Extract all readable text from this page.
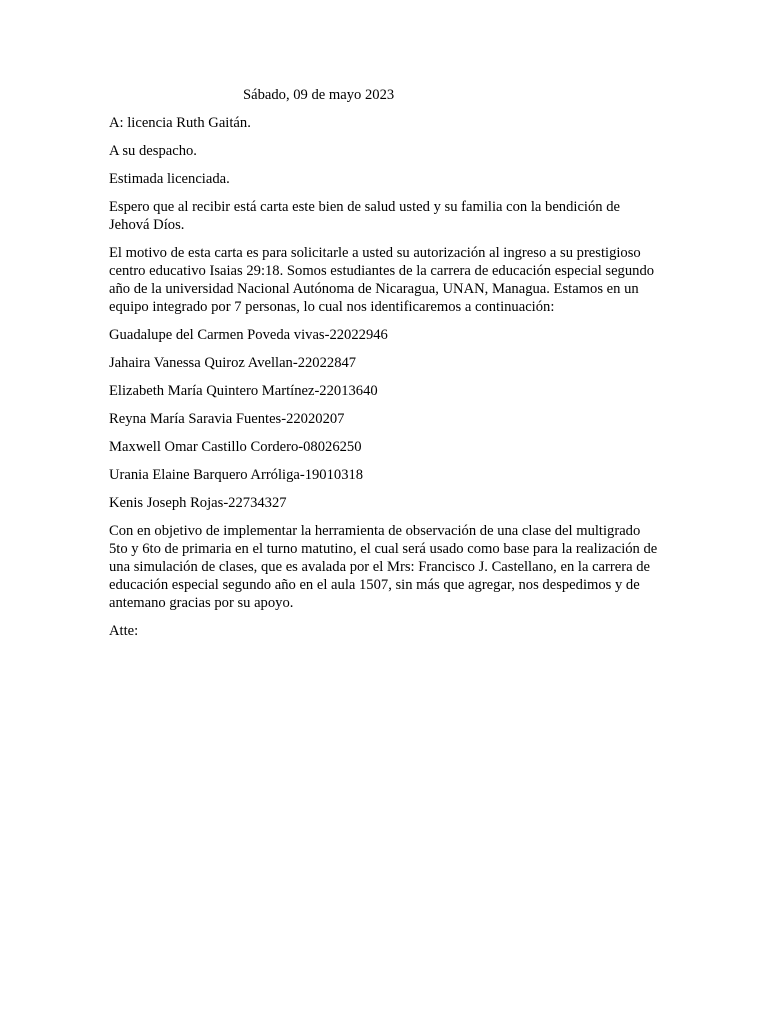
Sábado, 09 de mayo 2023
A: licencia Ruth Gaitán.
A su despacho.
Estimada licenciada.
Espero que al recibir está carta este bien de salud usted y su familia con la bendición de Jehová Díos.
El motivo de esta carta es para solicitarle a usted su autorización al ingreso a su prestigioso centro educativo Isaias 29:18. Somos estudiantes de la carrera de educación especial segundo año de la universidad Nacional Autónoma de Nicaragua, UNAN, Managua. Estamos en un equipo integrado por 7 personas, lo cual nos identificaremos a continuación:
Guadalupe del Carmen Poveda vivas-22022946
Jahaira Vanessa Quiroz Avellan-22022847
Elizabeth María Quintero Martínez-22013640
Reyna María Saravia Fuentes-22020207
Maxwell Omar Castillo Cordero-08026250
Urania Elaine Barquero Arróliga-19010318
Kenis Joseph Rojas-22734327
Con en objetivo de implementar la herramienta de observación de una clase del multigrado 5to y 6to de primaria en el turno matutino, el cual será usado como base para la realización de una simulación de clases, que es avalada por el Mrs: Francisco J. Castellano, en la carrera de educación especial segundo año en el aula 1507, sin más que agregar, nos despedimos y de antemano gracias por su apoyo.
Atte:
